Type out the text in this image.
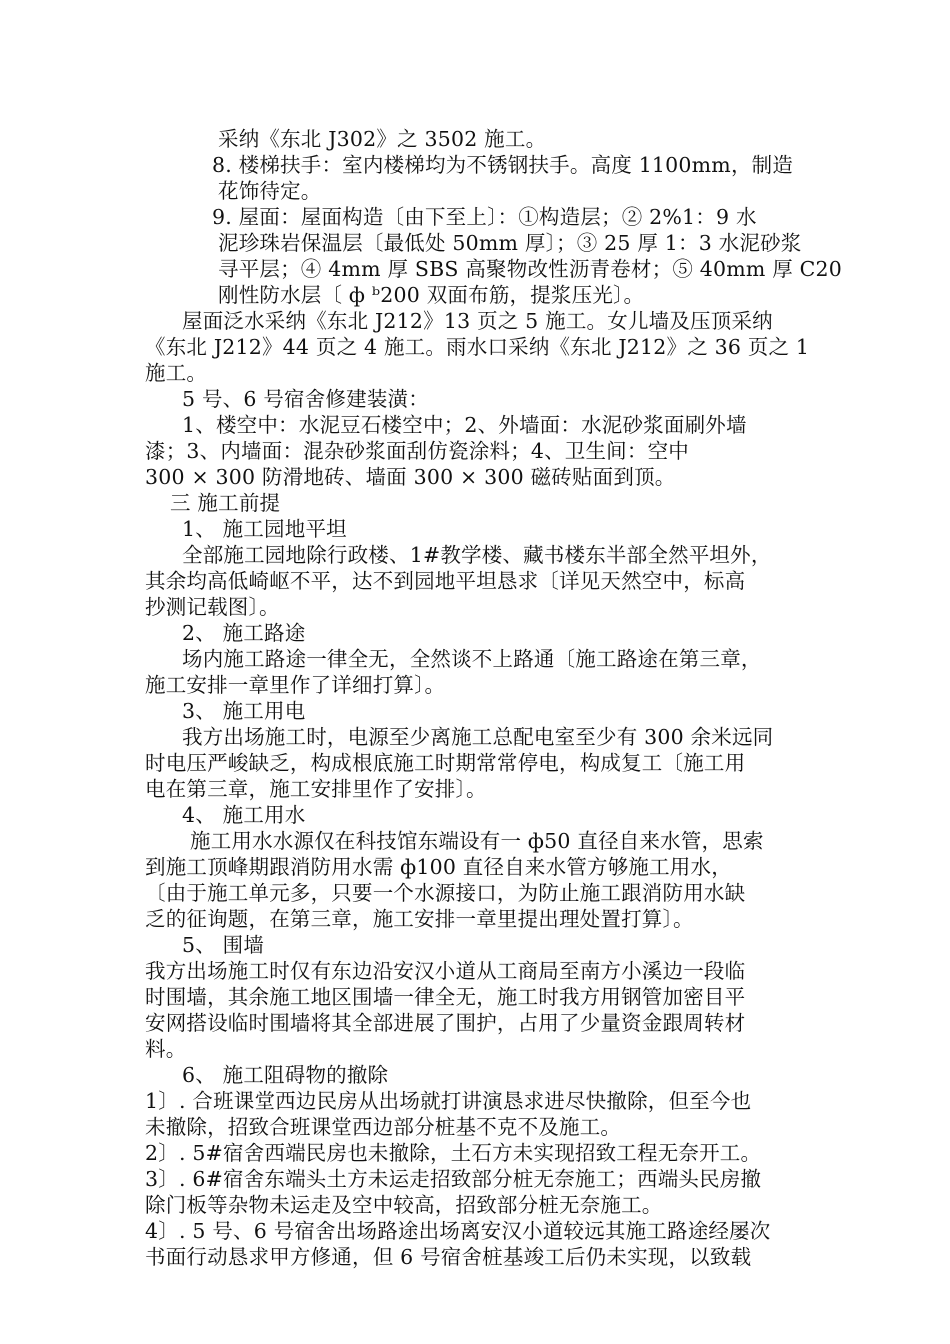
采纳《东北 J302》之 3502 施工。
8. 楼梯扶手：室内楼梯均为不锈钢扶手。高度 1100mm，制造
花饰待定。
9. 屋面：屋面构造〔由下至上〕：①构造层；② 2%1：9 水
泥珍珠岩保温层〔最低处 50mm 厚〕；③ 25 厚 1：3 水泥砂浆
寻平层；④ 4mm 厚 SBS 高聚物改性沥青卷材；⑤ 40mm 厚 C20
刚性防水层〔 ф ᵇ200 双面布筋，提浆压光〕。
屋面泛水采纳《东北 J212》13 页之 5 施工。女儿墙及压顶采纳
《东北 J212》44 页之 4 施工。雨水口采纳《东北 J212》之 36 页之 1
施工。
5 号、6 号宿舍修建装潢：
1、楼空中：水泥豆石楼空中；2、外墙面：水泥砂浆面刷外墙
漆；3、内墙面：混杂砂浆面刮仿瓷涂料；4、卫生间：空中
300 × 300 防滑地砖、墙面 300 × 300 磁砖贴面到顶。
三 施工前提
1、 施工园地平坦
全部施工园地除行政楼、1#教学楼、藏书楼东半部全然平坦外，
其余均高低崎岖不平，达不到园地平坦恳求〔详见天然空中，标高
抄测记载图〕。
2、 施工路途
场内施工路途一律全无，全然谈不上路通〔施工路途在第三章，
施工安排一章里作了详细打算〕。
3、 施工用电
我方出场施工时，电源至少离施工总配电室至少有 300 余米远同
时电压严峻缺乏，构成根底施工时期常常停电，构成复工〔施工用
电在第三章，施工安排里作了安排〕。
4、 施工用水
施工用水水源仅在科技馆东端设有一 ф50 直径自来水管，思索
到施工顶峰期跟消防用水需 ф100 直径自来水管方够施工用水，
〔由于施工单元多，只要一个水源接口，为防止施工跟消防用水缺
乏的征询题，在第三章，施工安排一章里提出理处置打算〕。
5、 围墙
我方出场施工时仅有东边沿安汉小道从工商局至南方小溪边一段临
时围墙，其余施工地区围墙一律全无，施工时我方用钢管加密目平
安网搭设临时围墙将其全部进展了围护，占用了少量资金跟周转材
料。
6、 施工阻碍物的撤除
1〕. 合班课堂西边民房从出场就打讲演恳求进尽快撤除，但至今也
未撤除，招致合班课堂西边部分桩基不克不及施工。
2〕. 5#宿舍西端民房也未撤除，土石方未实现招致工程无奈开工。
3〕. 6#宿舍东端头土方未运走招致部分桩无奈施工；西端头民房撤
除门板等杂物未运走及空中较高，招致部分桩无奈施工。
4〕. 5 号、6 号宿舍出场路途出场离安汉小道较远其施工路途经屡次
书面行动恳求甲方修通，但 6 号宿舍桩基竣工后仍未实现，以致载
